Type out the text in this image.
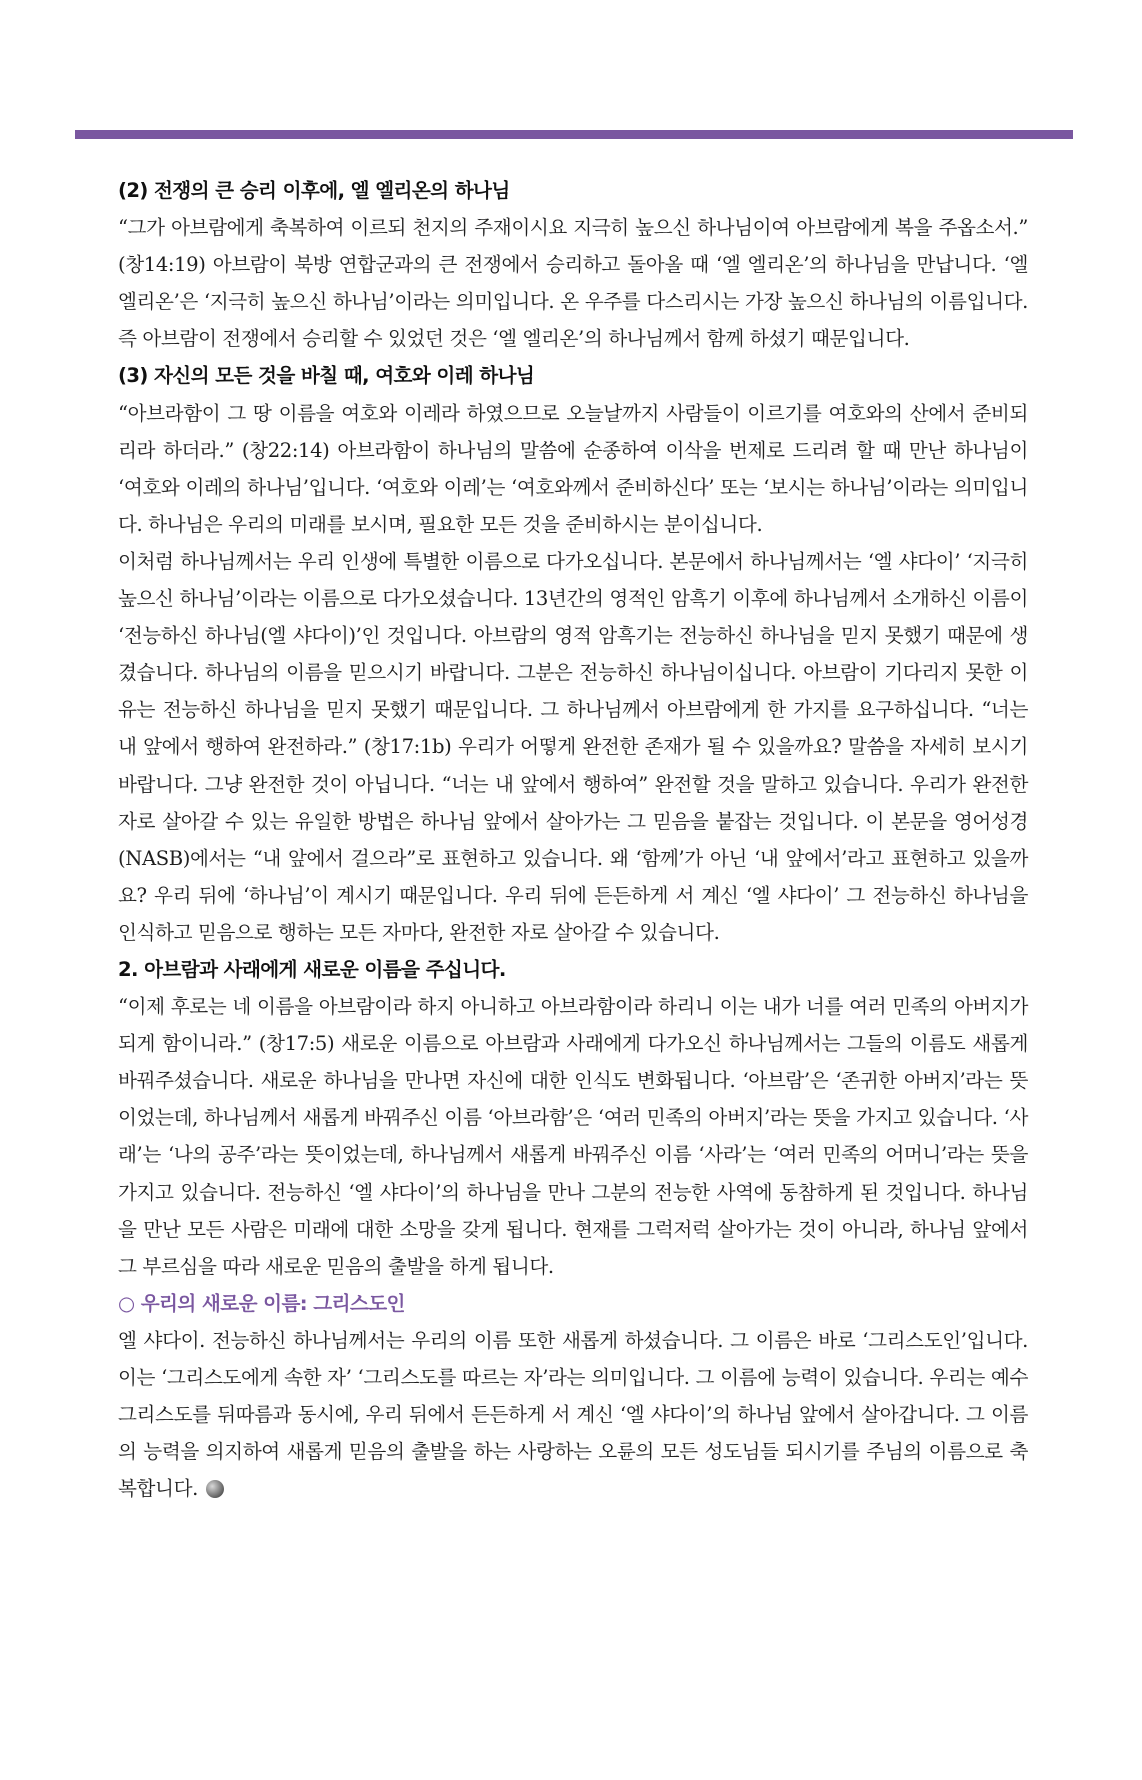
(2) 전쟁의 큰 승리 이후에, 엘 엘리온의 하나님

“그가 아브람에게 축복하여 이르되 천지의 주재이시요 지극히 높으신 하나님이여 아브람에게 복을 주옵소서.” (창14:19) 아브람이 북방 연합군과의 큰 전쟁에서 승리하고 돌아올 때 ‘엘 엘리온’의 하나님을 만납니다. ‘엘 엘리온’은 ‘지극히 높으신 하나님’이라는 의미입니다. 온 우주를 다스리시는 가장 높으신 하나님의 이름입니다. 즉 아브람이 전쟁에서 승리할 수 있었던 것은 ‘엘 엘리온’의 하나님께서 함께 하셨기 때문입니다.

(3) 자신의 모든 것을 바칠 때, 여호와 이레 하나님

“아브라함이 그 땅 이름을 여호와 이레라 하였으므로 오늘날까지 사람들이 이르기를 여호와의 산에서 준비되리라 하더라.” (창22:14) 아브라함이 하나님의 말씀에 순종하여 이삭을 번제로 드리려 할 때 만난 하나님이 ‘여호와 이레의 하나님’입니다. ‘여호와 이레’는 ‘여호와께서 준비하신다’ 또는 ‘보시는 하나님’이라는 의미입니다. 하나님은 우리의 미래를 보시며, 필요한 모든 것을 준비하시는 분이십니다.

이처럼 하나님께서는 우리 인생에 특별한 이름으로 다가오십니다. 본문에서 하나님께서는 ‘엘 샤다이’ ‘지극히 높으신 하나님’이라는 이름으로 다가오셨습니다. 13년간의 영적인 암흑기 이후에 하나님께서 소개하신 이름이 ‘전능하신 하나님(엘 샤다이)’인 것입니다. 아브람의 영적 암흑기는 전능하신 하나님을 믿지 못했기 때문에 생겼습니다. 하나님의 이름을 믿으시기 바랍니다. 그분은 전능하신 하나님이십니다. 아브람이 기다리지 못한 이유는 전능하신 하나님을 믿지 못했기 때문입니다. 그 하나님께서 아브람에게 한 가지를 요구하십니다. “너는 내 앞에서 행하여 완전하라.” (창17:1b) 우리가 어떻게 완전한 존재가 될 수 있을까요? 말씀을 자세히 보시기 바랍니다. 그냥 완전한 것이 아닙니다. “너는 내 앞에서 행하여” 완전할 것을 말하고 있습니다. 우리가 완전한 자로 살아갈 수 있는 유일한 방법은 하나님 앞에서 살아가는 그 믿음을 붙잡는 것입니다. 이 본문을 영어성경(NASB)에서는 “내 앞에서 걸으라”로 표현하고 있습니다. 왜 ‘함께’가 아닌 ‘내 앞에서’라고 표현하고 있을까요? 우리 뒤에 ‘하나님’이 계시기 때문입니다. 우리 뒤에 든든하게 서 계신 ‘엘 샤다이’ 그 전능하신 하나님을 인식하고 믿음으로 행하는 모든 자마다, 완전한 자로 살아갈 수 있습니다.

2. 아브람과 사래에게 새로운 이름을 주십니다.

“이제 후로는 네 이름을 아브람이라 하지 아니하고 아브라함이라 하리니 이는 내가 너를 여러 민족의 아버지가 되게 함이니라.” (창17:5) 새로운 이름으로 아브람과 사래에게 다가오신 하나님께서는 그들의 이름도 새롭게 바꿔주셨습니다. 새로운 하나님을 만나면 자신에 대한 인식도 변화됩니다. ‘아브람’은 ‘존귀한 아버지’라는 뜻이었는데, 하나님께서 새롭게 바꿔주신 이름 ‘아브라함’은 ‘여러 민족의 아버지’라는 뜻을 가지고 있습니다. ‘사래’는 ‘나의 공주’라는 뜻이었는데, 하나님께서 새롭게 바꿔주신 이름 ‘사라’는 ‘여러 민족의 어머니’라는 뜻을 가지고 있습니다. 전능하신 ‘엘 샤다이’의 하나님을 만나 그분의 전능한 사역에 동참하게 된 것입니다. 하나님을 만난 모든 사람은 미래에 대한 소망을 갖게 됩니다. 현재를 그럭저럭 살아가는 것이 아니라, 하나님 앞에서 그 부르심을 따라 새로운 믿음의 출발을 하게 됩니다.

○ 우리의 새로운 이름: 그리스도인

엘 샤다이. 전능하신 하나님께서는 우리의 이름 또한 새롭게 하셨습니다. 그 이름은 바로 ‘그리스도인’입니다. 이는 ‘그리스도에게 속한 자’ ‘그리스도를 따르는 자’라는 의미입니다. 그 이름에 능력이 있습니다. 우리는 예수 그리스도를 뒤따름과 동시에, 우리 뒤에서 든든하게 서 계신 ‘엘 샤다이’의 하나님 앞에서 살아갑니다. 그 이름의 능력을 의지하여 새롭게 믿음의 출발을 하는 사랑하는 오륜의 모든 성도님들 되시기를 주님의 이름으로 축복합니다.
